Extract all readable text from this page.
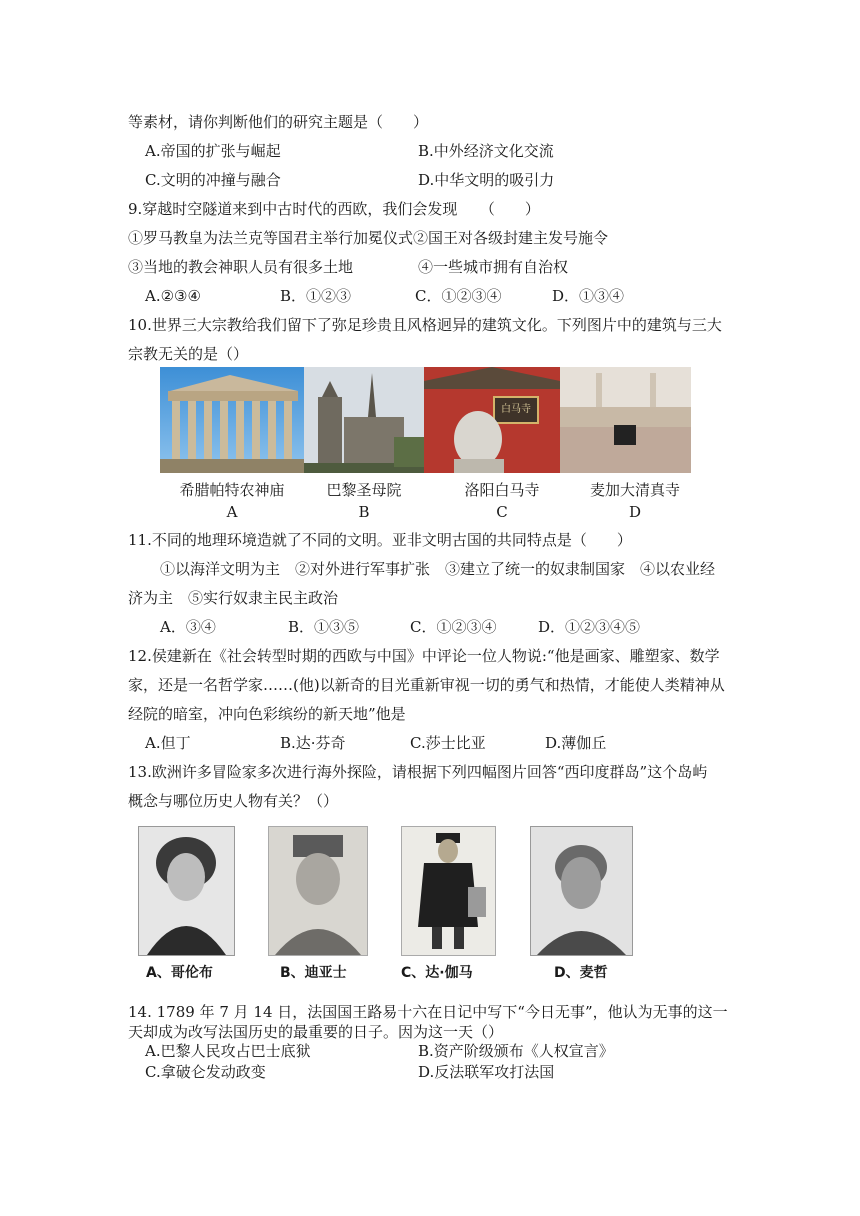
等素材，请你判断他们的研究主题是（　　）
A.帝国的扩张与崛起	B.中外经济文化交流
C.文明的冲撞与融合	D.中华文明的吸引力
9.穿越时空隧道来到中古时代的西欧，我们会发现　　（　　）
①罗马教皇为法兰克等国君主举行加冕仪式②国王对各级封建主发号施令
③当地的教会神职人员有很多土地	④一些城市拥有自治权
A.②③④	B．①②③	C．①②③④	D．①③④
10.世界三大宗教给我们留下了弥足珍贵且风格迥异的建筑文化。下列图片中的建筑与三大
宗教无关的是（）
白马寺
希腊帕特农神庙	巴黎圣母院	洛阳白马寺	麦加大清真寺
A	B	C	D
11.不同的地理环境造就了不同的文明。亚非文明古国的共同特点是（　　）
①以海洋文明为主　②对外进行军事扩张　③建立了统一的奴隶制国家　④以农业经
济为主　⑤实行奴隶主民主政治
A．③④	B．①③⑤	C．①②③④	D．①②③④⑤
12.侯建新在《社会转型时期的西欧与中国》中评论一位人物说:“他是画家、雕塑家、数学
家，还是一名哲学家……(他)以新奇的目光重新审视一切的勇气和热情，才能使人类精神从
经院的暗室，冲向色彩缤纷的新天地”他是
A.但丁	B.达·芬奇	C.莎士比亚	D.薄伽丘
13.欧洲许多冒险家多次进行海外探险，请根据下列四幅图片回答“西印度群岛”这个岛屿
概念与哪位历史人物有关？（）
A、哥伦布	B、迪亚士	C、达·伽马	D、麦哲
14. 1789 年 7 月 14 日，法国国王路易十六在日记中写下“今日无事”，他认为无事的这一
天却成为改写法国历史的最重要的日子。因为这一天（）
A.巴黎人民攻占巴士底狱	B.资产阶级颁布《人权宣言》
C.拿破仑发动政变	D.反法联军攻打法国
